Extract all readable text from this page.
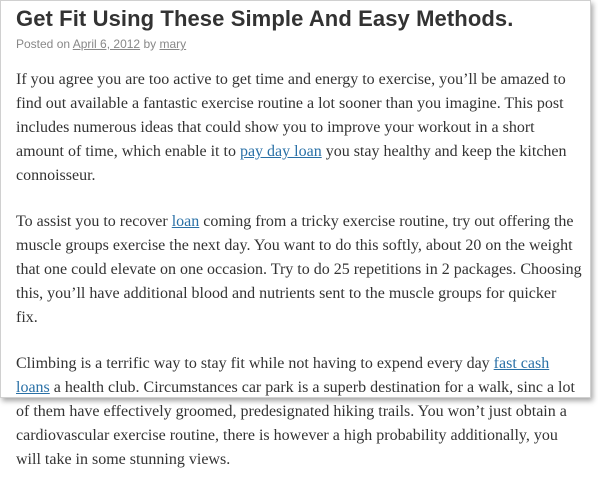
Get Fit Using These Simple And Easy Methods.
Posted on April 6, 2012 by mary

If you agree you are too active to get time and energy to exercise, you’ll be amazed to find out available a fantastic exercise routine a lot sooner than you imagine. This post includes numerous ideas that could show you to improve your workout in a short amount of time, which enable it to pay day loan you stay healthy and keep the kitchen connoisseur.

To assist you to recover loan coming from a tricky exercise routine, try out offering the muscle groups exercise the next day. You want to do this softly, about 20 on the weight that one could elevate on one occasion. Try to do 25 repetitions in 2 packages. Choosing this, you’ll have additional blood and nutrients sent to the muscle groups for quicker fix.

Climbing is a terrific way to stay fit while not having to expend every day fast cash loans a health club. Circumstances car park is a superb destination for a walk, sinc a lot of them have effectively groomed, predesignated hiking trails. You won’t just obtain a cardiovascular exercise routine, there is however a high probability additionally, you will take in some stunning views.
